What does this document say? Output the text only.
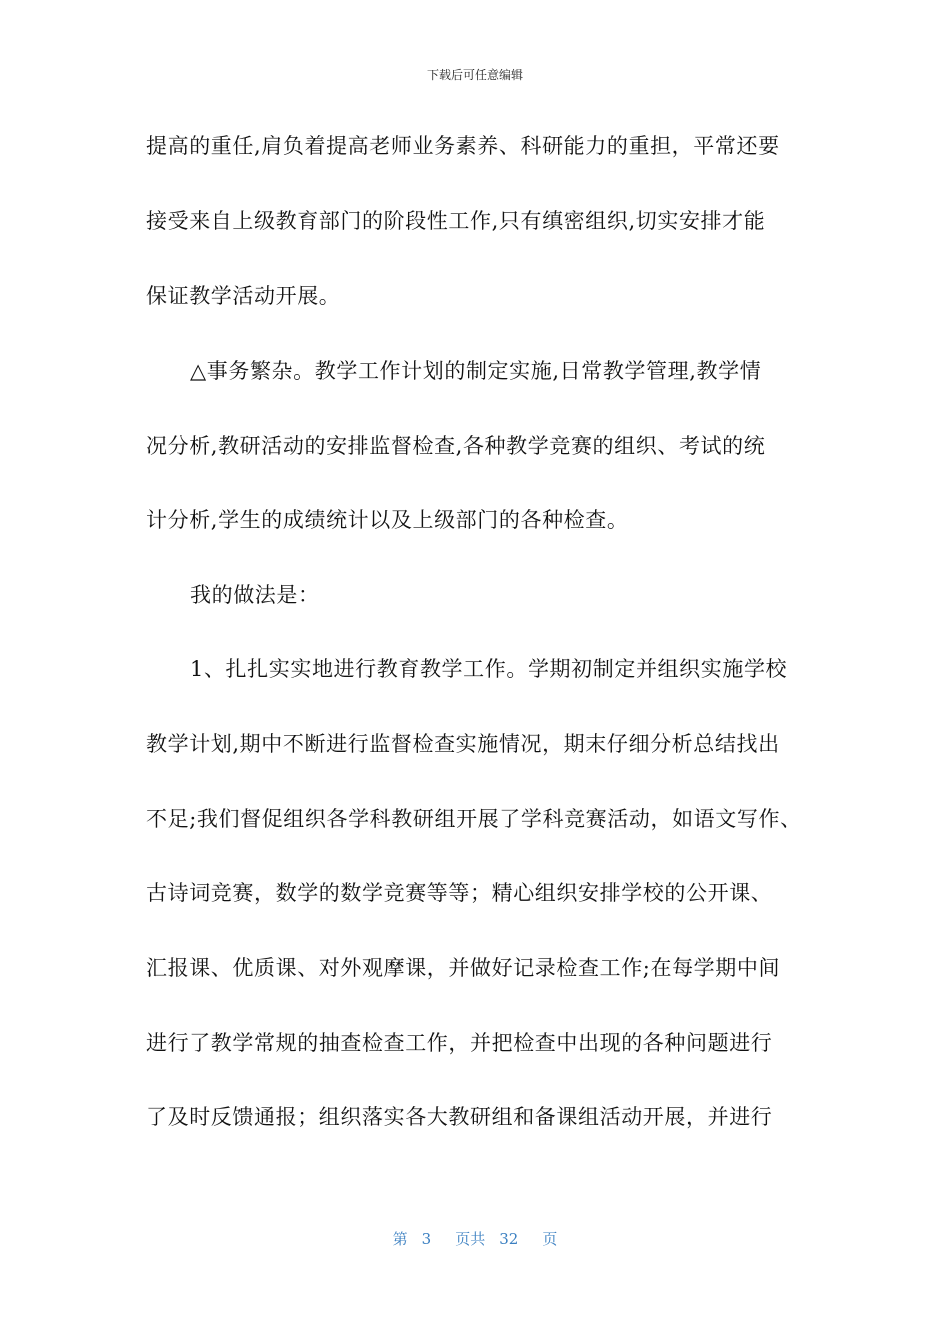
下载后可任意编辑
提高的重任,肩负着提高老师业务素养、科研能力的重担，平常还要
接受来自上级教育部门的阶段性工作,只有缜密组织,切实安排才能
保证教学活动开展。
△事务繁杂。教学工作计划的制定实施,日常教学管理,教学情
况分析,教研活动的安排监督检查,各种教学竞赛的组织、考试的统
计分析,学生的成绩统计以及上级部门的各种检查。
我的做法是：
1、扎扎实实地进行教育教学工作。学期初制定并组织实施学校
教学计划,期中不断进行监督检查实施情况，期末仔细分析总结找出
不足;我们督促组织各学科教研组开展了学科竞赛活动，如语文写作、
古诗词竞赛，数学的数学竞赛等等；精心组织安排学校的公开课、
汇报课、优质课、对外观摩课，并做好记录检查工作;在每学期中间
进行了教学常规的抽查检查工作，并把检查中出现的各种问题进行
了及时反馈通报；组织落实各大教研组和备课组活动开展，并进行
第 3 页共 32 页
